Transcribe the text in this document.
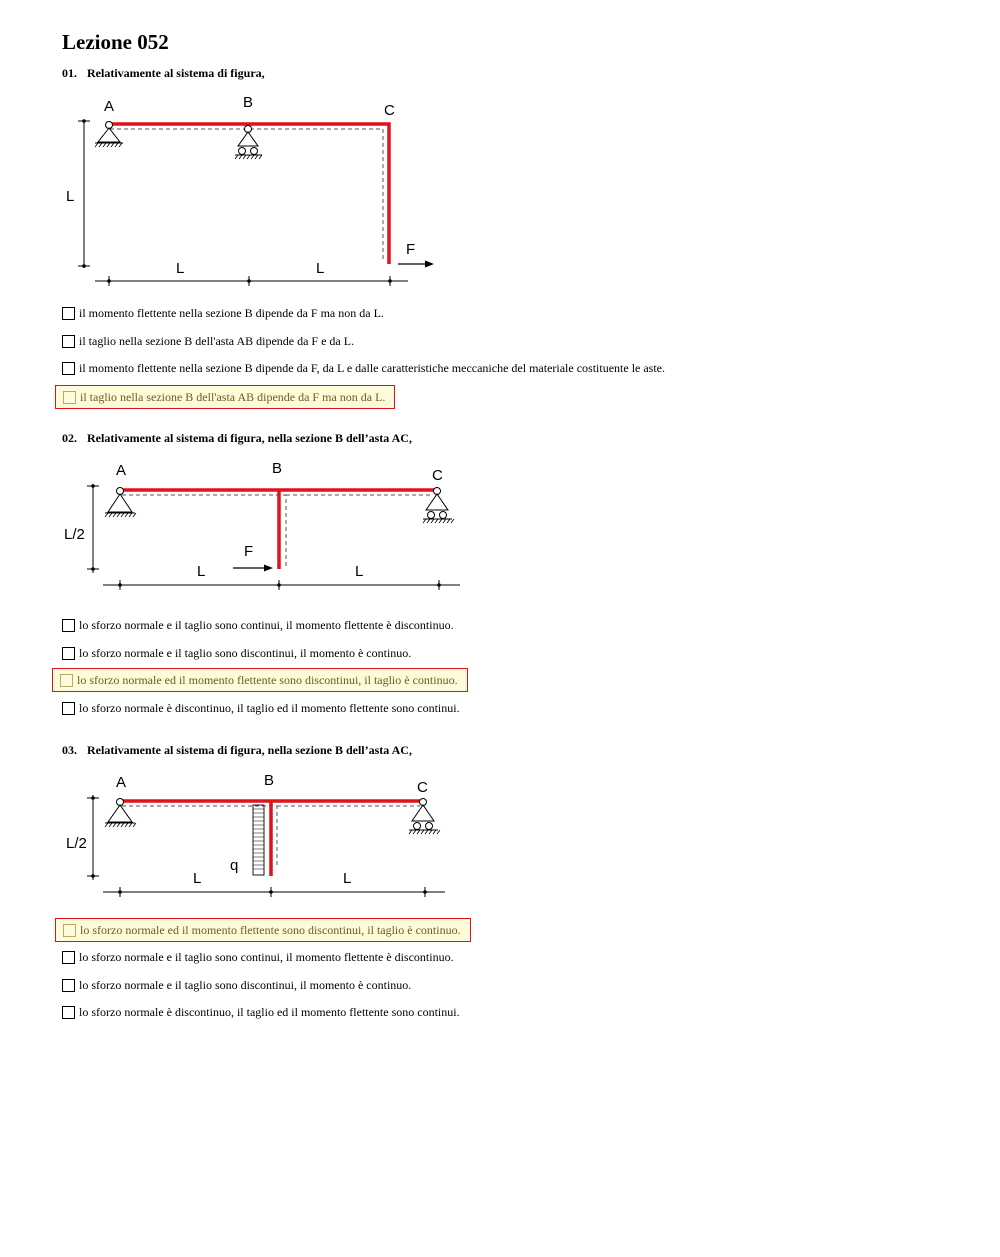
Lezione 052
01. Relativamente al sistema di figura,
A	B	C
L
L	L
F
il momento flettente nella sezione B dipende da F ma non da L.
il taglio nella sezione B dell'asta AB dipende da F e da L.
il momento flettente nella sezione B dipende da F, da L e dalle caratteristiche meccaniche del materiale costituente le aste.
il taglio nella sezione B dell'asta AB dipende da F ma non da L.
02. Relativamente al sistema di figura, nella sezione B dell’asta AC,
A	B	C
L/2
L	L
F
lo sforzo normale e il taglio sono continui, il momento flettente è discontinuo.
lo sforzo normale e il taglio sono discontinui, il momento è continuo.
lo sforzo normale ed il momento flettente sono discontinui, il taglio è continuo.
lo sforzo normale è discontinuo, il taglio ed il momento flettente sono continui.
03. Relativamente al sistema di figura, nella sezione B dell’asta AC,
A	B	C
L/2
L	L
q
lo sforzo normale ed il momento flettente sono discontinui, il taglio è continuo.
lo sforzo normale e il taglio sono continui, il momento flettente è discontinuo.
lo sforzo normale e il taglio sono discontinui, il momento è continuo.
lo sforzo normale è discontinuo, il taglio ed il momento flettente sono continui.
